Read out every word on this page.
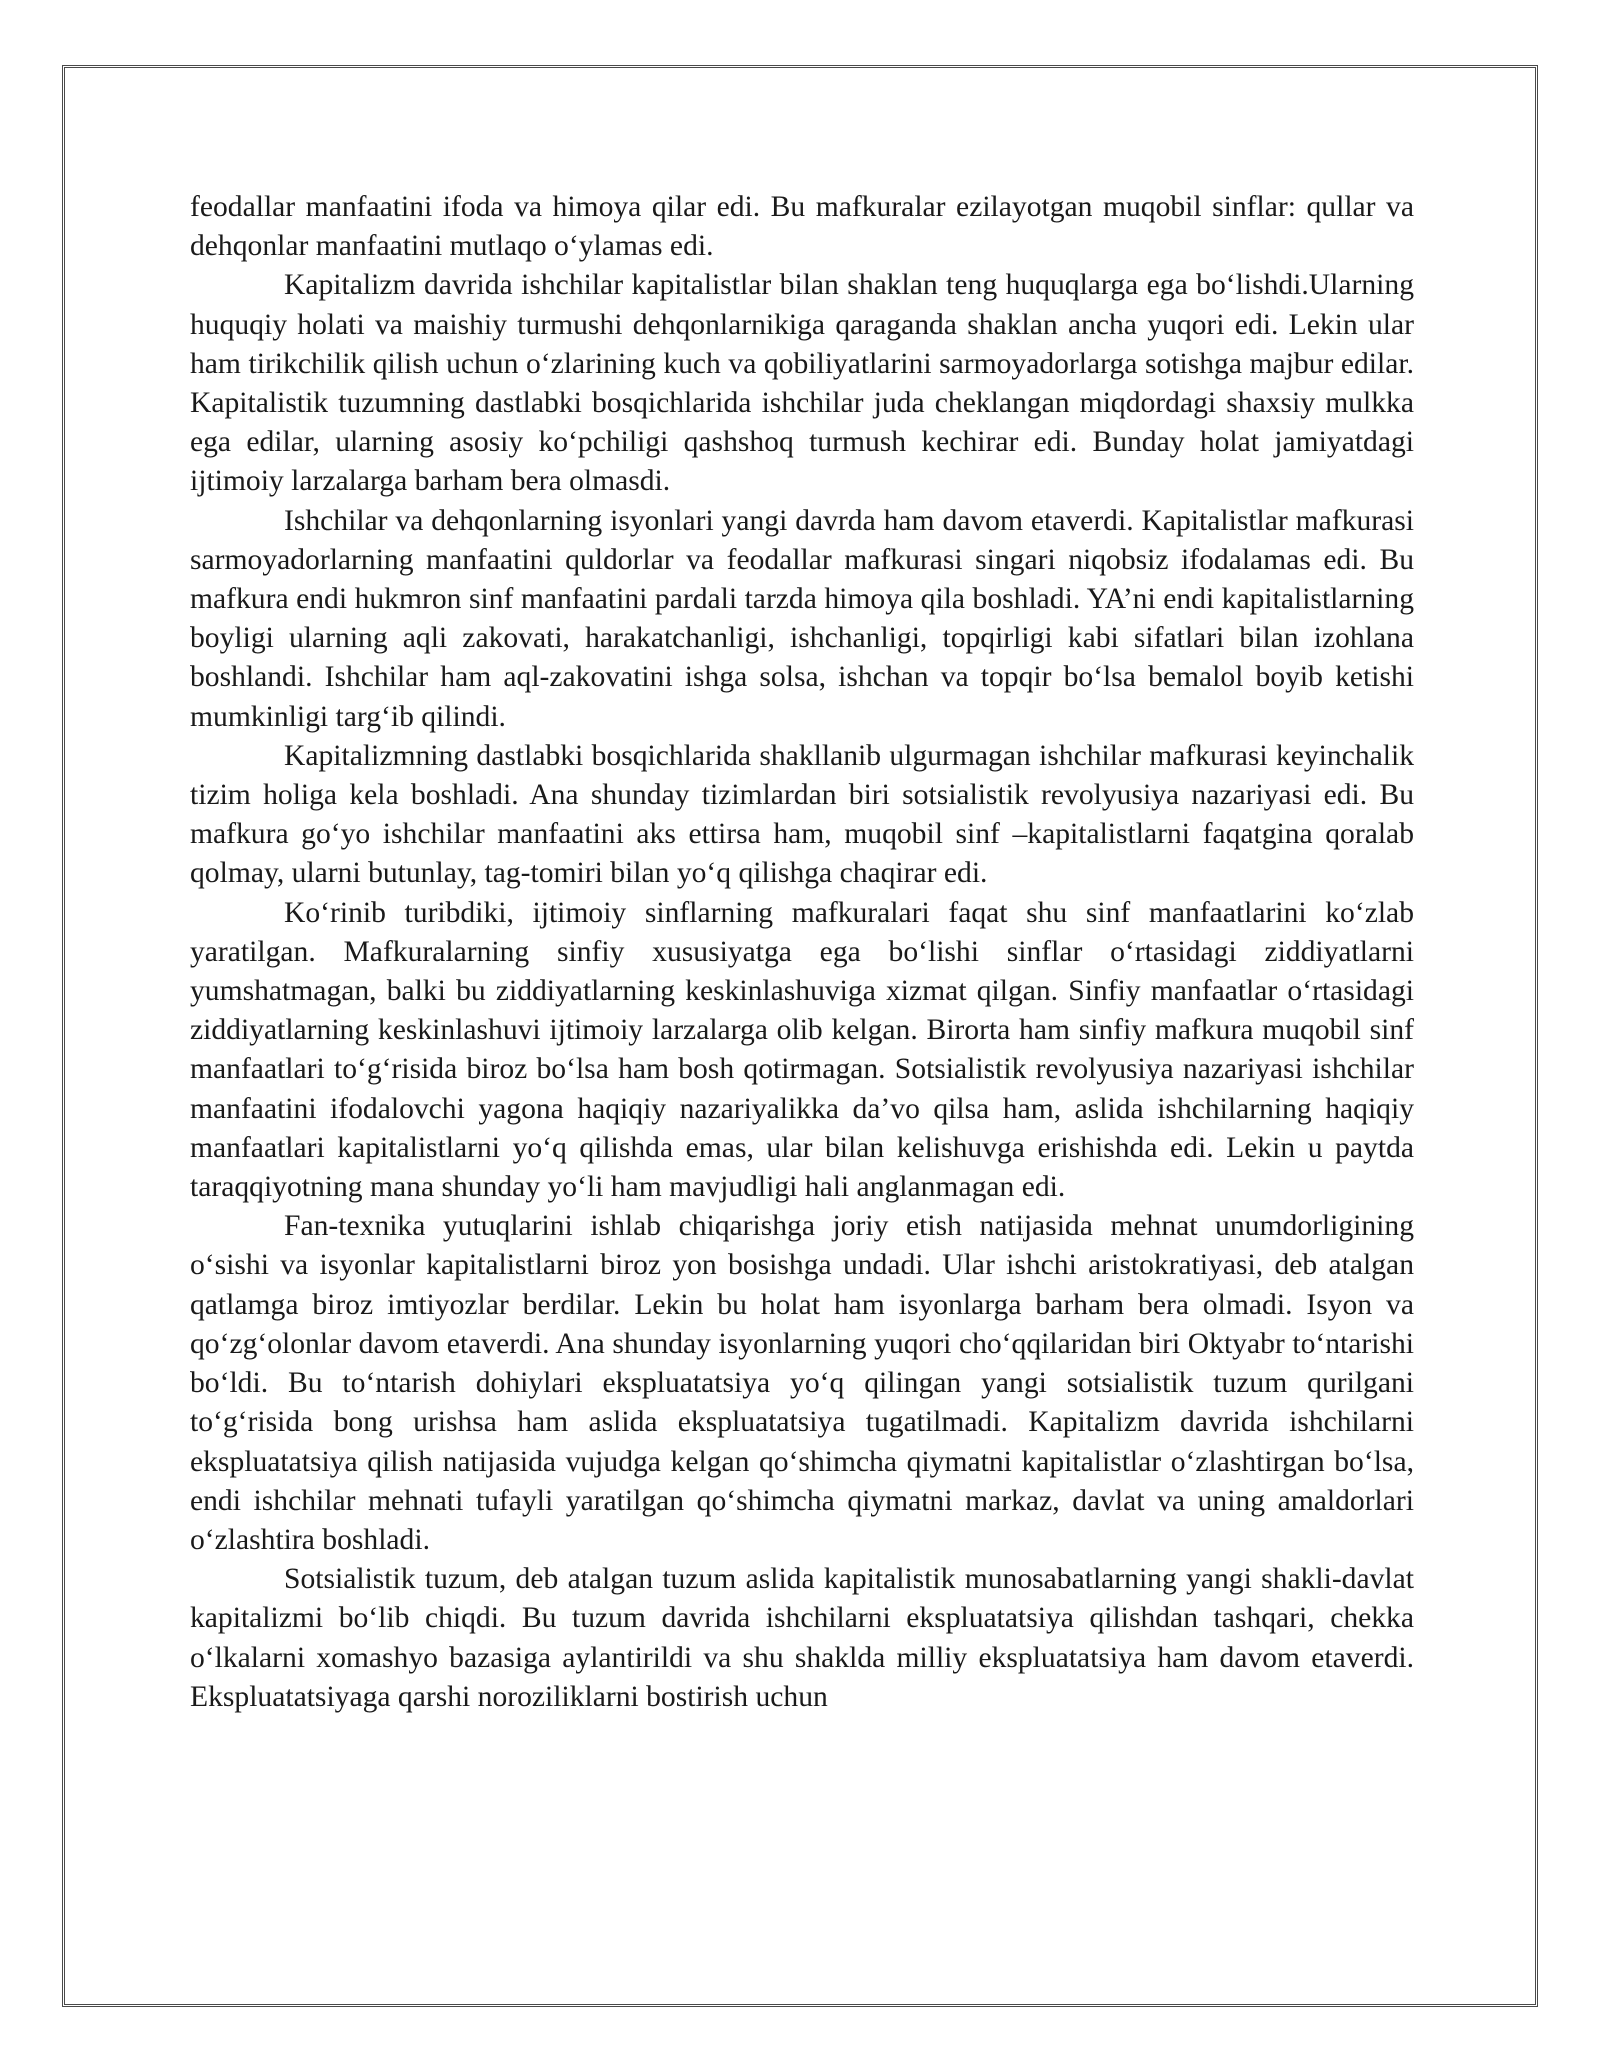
feodallar manfaatini ifoda va himoya qilar edi. Bu mafkuralar ezilayotgan muqobil sinflar: qullar va dehqonlar manfaatini mutlaqo o‘ylamas edi.

Kapitalizm davrida ishchilar kapitalistlar bilan shaklan teng huquqlarga ega bo‘lishdi.Ularning huquqiy holati va maishiy turmushi dehqonlarnikiga qaraganda shaklan ancha yuqori edi. Lekin ular ham tirikchilik qilish uchun o‘zlarining kuch va qobiliyatlarini sarmoyadorlarga sotishga majbur edilar. Kapitalistik tuzumning dastlabki bosqichlarida ishchilar juda cheklangan miqdordagi shaxsiy mulkka ega edilar, ularning asosiy ko‘pchiligi qashshoq turmush kechirar edi. Bunday holat jamiyatdagi ijtimoiy larzalarga barham bera olmasdi.

Ishchilar va dehqonlarning isyonlari yangi davrda ham davom etaverdi. Kapitalistlar mafkurasi sarmoyadorlarning manfaatini quldorlar va feodallar mafkurasi singari niqobsiz ifodalamas edi. Bu mafkura endi hukmron sinf manfaatini pardali tarzda himoya qila boshladi. YA’ni endi kapitalistlarning boyligi ularning aqli zakovati, harakatchanligi, ishchanligi, topqirligi kabi sifatlari bilan izohlana boshlandi. Ishchilar ham aql-zakovatini ishga solsa, ishchan va topqir bo‘lsa bemalol boyib ketishi mumkinligi targ‘ib qilindi.

Kapitalizmning dastlabki bosqichlarida shakllanib ulgurmagan ishchilar mafkurasi keyinchalik tizim holiga kela boshladi. Ana shunday tizimlardan biri sotsialistik revolyusiya nazariyasi edi. Bu mafkura go‘yo ishchilar manfaatini aks ettirsa ham, muqobil sinf –kapitalistlarni faqatgina qoralab qolmay, ularni butunlay, tag-tomiri bilan yo‘q qilishga chaqirar edi.

Ko‘rinib turibdiki, ijtimoiy sinflarning mafkuralari faqat shu sinf manfaatlarini ko‘zlab yaratilgan. Mafkuralarning sinfiy xususiyatga ega bo‘lishi sinflar o‘rtasidagi ziddiyatlarni yumshatmagan, balki bu ziddiyatlarning keskinlashuviga xizmat qilgan. Sinfiy manfaatlar o‘rtasidagi ziddiyatlarning keskinlashuvi ijtimoiy larzalarga olib kelgan. Birorta ham sinfiy mafkura muqobil sinf manfaatlari to‘g‘risida biroz bo‘lsa ham bosh qotirmagan. Sotsialistik revolyusiya nazariyasi ishchilar manfaatini ifodalovchi yagona haqiqiy nazariyalikka da’vo qilsa ham, aslida ishchilarning haqiqiy manfaatlari kapitalistlarni yo‘q qilishda emas, ular bilan kelishuvga erishishda edi. Lekin u paytda taraqqiyotning mana shunday yo‘li ham mavjudligi hali anglanmagan edi.

Fan-texnika yutuqlarini ishlab chiqarishga joriy etish natijasida mehnat unumdorligining o‘sishi va isyonlar kapitalistlarni biroz yon bosishga undadi. Ular ishchi aristokratiyasi, deb atalgan qatlamga biroz imtiyozlar berdilar. Lekin bu holat ham isyonlarga barham bera olmadi. Isyon va qo‘zg‘olonlar davom etaverdi. Ana shunday isyonlarning yuqori cho‘qqilaridan biri Oktyabr to‘ntarishi bo‘ldi. Bu to‘ntarish dohiylari ekspluatatsiya yo‘q qilingan yangi sotsialistik tuzum qurilgani to‘g‘risida bong urishsa ham aslida ekspluatatsiya tugatilmadi. Kapitalizm davrida ishchilarni ekspluatatsiya qilish natijasida vujudga kelgan qo‘shimcha qiymatni kapitalistlar o‘zlashtirgan bo‘lsa, endi ishchilar mehnati tufayli yaratilgan qo‘shimcha qiymatni markaz, davlat va uning amaldorlari o‘zlashtira boshladi.

Sotsialistik tuzum, deb atalgan tuzum aslida kapitalistik munosabatlarning yangi shakli-davlat kapitalizmi bo‘lib chiqdi. Bu tuzum davrida ishchilarni ekspluatatsiya qilishdan tashqari, chekka o‘lkalarni xomashyo bazasiga aylantirildi va shu shaklda milliy ekspluatatsiya ham davom etaverdi. Ekspluatatsiyaga qarshi noroziliklarni bostirish uchun
